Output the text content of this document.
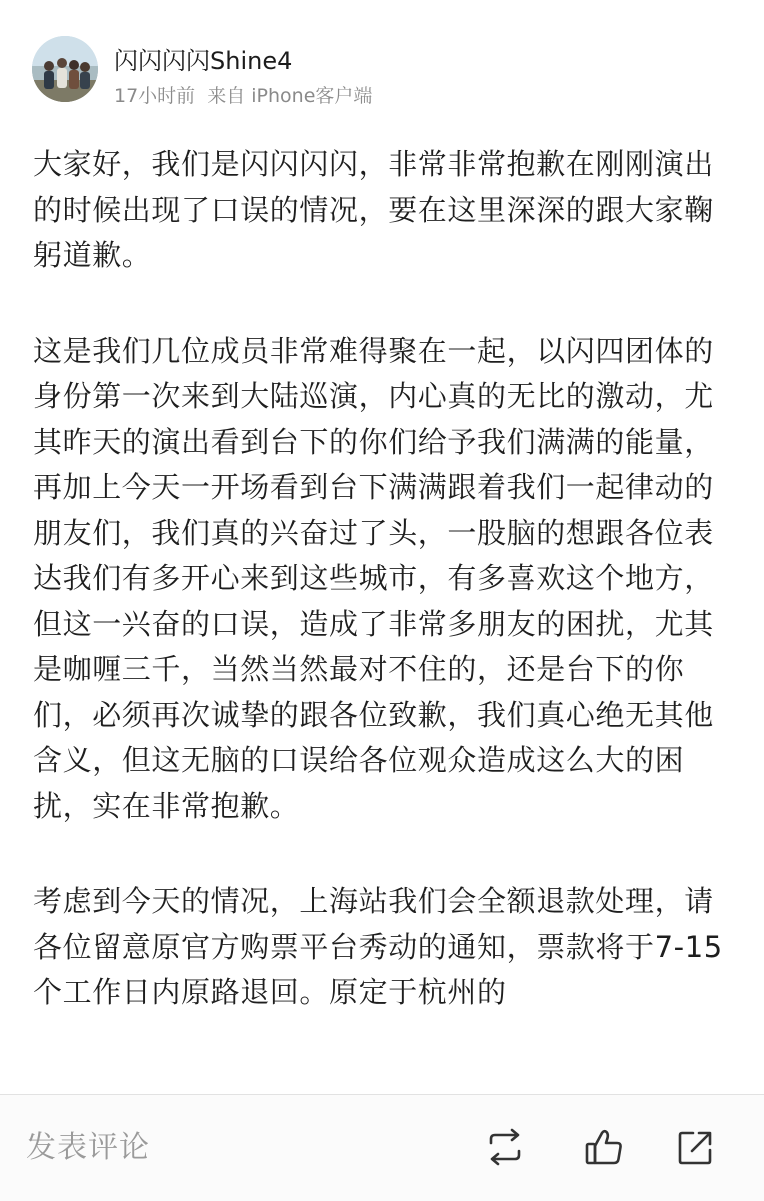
闪闪闪闪Shine4
17小时前 来自 iPhone客户端

大家好，我们是闪闪闪闪，非常非常抱歉在刚刚演出的时候出现了口误的情况，要在这里深深的跟大家鞠躬道歉。

这是我们几位成员非常难得聚在一起，以闪四团体的身份第一次来到大陆巡演，内心真的无比的激动，尤其昨天的演出看到台下的你们给予我们满满的能量，再加上今天一开场看到台下满满跟着我们一起律动的朋友们，我们真的兴奋过了头，一股脑的想跟各位表达我们有多开心来到这些城市，有多喜欢这个地方，但这一兴奋的口误，造成了非常多朋友的困扰，尤其是咖喱三千，当然当然最对不住的，还是台下的你们，必须再次诚挚的跟各位致歉，我们真心绝无其他含义，但这无脑的口误给各位观众造成这么大的困扰，实在非常抱歉。

考虑到今天的情况，上海站我们会全额退款处理，请各位留意原官方购票平台秀动的通知，票款将于7-15个工作日内原路退回。原定于杭州的

发表评论
